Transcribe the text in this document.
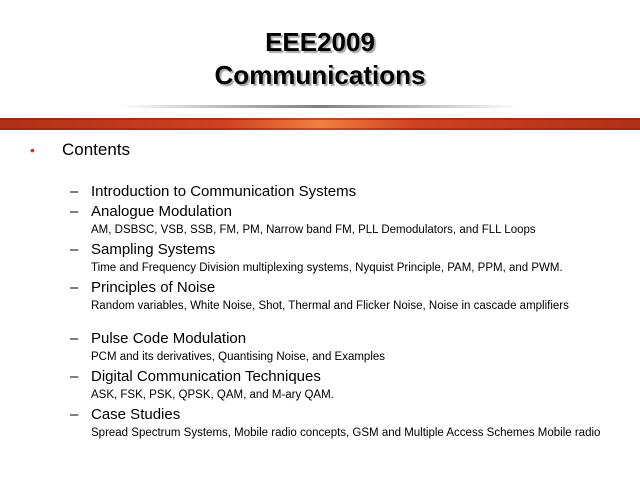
EEE2009
Communications
•	Contents
– Introduction to Communication Systems
– Analogue Modulation
AM, DSBSC, VSB, SSB, FM, PM, Narrow band FM, PLL Demodulators, and FLL Loops
– Sampling Systems
Time and Frequency Division multiplexing systems, Nyquist Principle, PAM, PPM, and PWM.
– Principles of Noise
Random variables, White Noise, Shot, Thermal and Flicker Noise, Noise in cascade amplifiers
– Pulse Code Modulation
PCM and its derivatives, Quantising Noise, and Examples
– Digital Communication Techniques
ASK, FSK, PSK, QPSK, QAM, and M-ary QAM.
– Case Studies
Spread Spectrum Systems, Mobile radio concepts, GSM and Multiple Access Schemes Mobile radio
